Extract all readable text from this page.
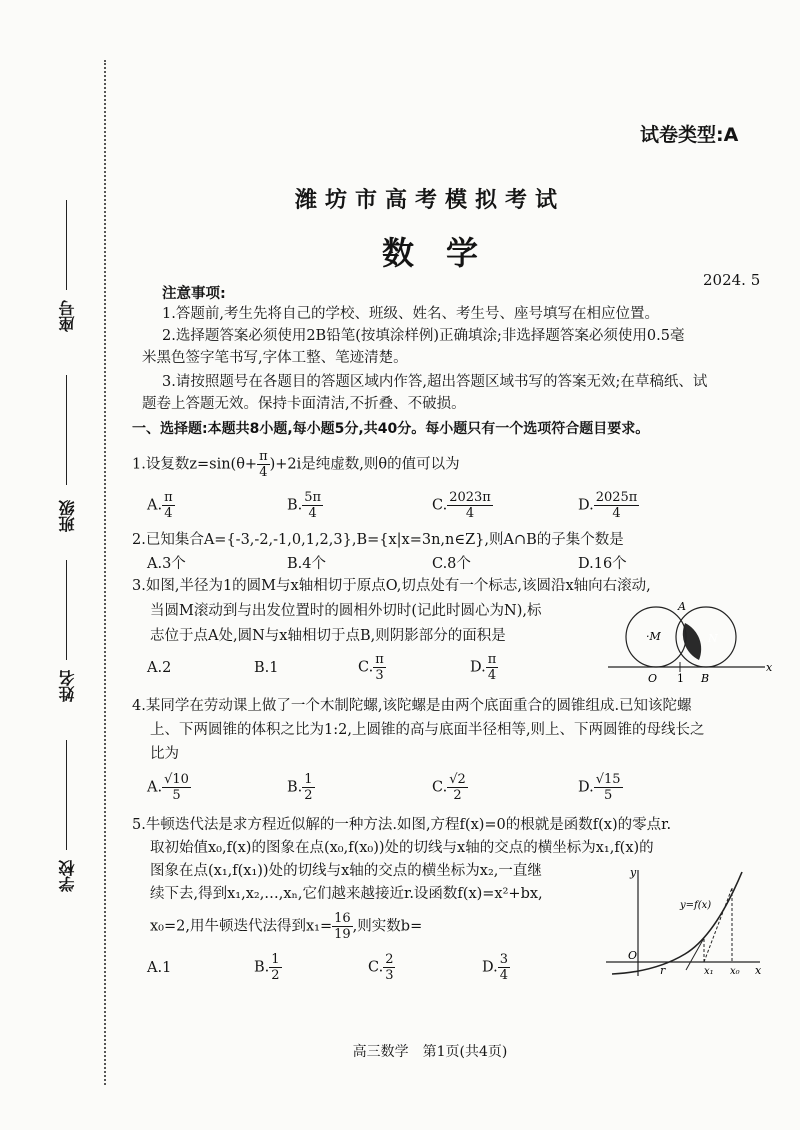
座号
班级
姓名
学校
试卷类型:A
潍坊市高考模拟考试
数　学
2024. 5
注意事项:
1.答题前,考生先将自己的学校、班级、姓名、考生号、座号填写在相应位置。
2.选择题答案必须使用2B铅笔(按填涂样例)正确填涂;非选择题答案必须使用0.5毫
米黑色签字笔书写,字体工整、笔迹清楚。
3.请按照题号在各题目的答题区域内作答,超出答题区域书写的答案无效;在草稿纸、试
题卷上答题无效。保持卡面清洁,不折叠、不破损。
一、选择题:本题共8小题,每小题5分,共40分。每小题只有一个选项符合题目要求。
1.设复数$z=\sin(\theta+ \frac{\pi}{4} )+2i$是纯虚数,则θ的值可以为
A. $\frac{\pi}{4}$	B. $\frac{5\pi}{4}$	C. $\frac{2023\pi}{4}$	D. $\frac{2025\pi}{4}$
2.已知集合A={-3,-2,-1,0,1,2,3},B={x|x=3n,n∈Z},则A∩B的子集个数是
A.3个	B.4个	C.8个	D.16个
3.如图,半径为1的圆M与x轴相切于原点O,切点处有一个标志,该圆沿x轴向右滚动,
当圆M滚动到与出发位置时的圆相外切时(记此时圆心为N),标
志位于点A处,圆N与x轴相切于点B,则阴影部分的面积是
A.2	B.1	C. $\frac{\pi}{3}$	D. $\frac{\pi}{4}$
·M	N
A
O 1 B
x
4.某同学在劳动课上做了一个木制陀螺,该陀螺是由两个底面重合的圆锥组成.已知该陀螺
上、下两圆锥的体积之比为1:2,上圆锥的高与底面半径相等,则上、下两圆锥的母线长之
比为
A. $\frac{√10}{5}$	B. $\frac{1}{2}$	C. $\frac{√2}{2}$	D. $\frac{√15}{5}$
5.牛顿迭代法是求方程近似解的一种方法.如图,方程f(x)=0的根就是函数f(x)的零点r.
取初始值x₀,f(x)的图象在点(x₀,f(x₀))处的切线与x轴的交点的横坐标为x₁,f(x)的
图象在点(x₁,f(x₁))处的切线与x轴的交点的横坐标为x₂,一直继
续下去,得到x₁,x₂,…,xₙ,它们越来越接近r.设函数f(x)=x²+bx,
x₀=2,用牛顿迭代法得到$x_1= \frac{16}{19}$ ,则实数b=
A.1	B. $\frac{1}{2}$	C. $\frac{2}{3}$	D. $\frac{3}{4}$
y
y=f(x)
O
r	x₁ x₀ x
高三数学　第1页(共4页)
